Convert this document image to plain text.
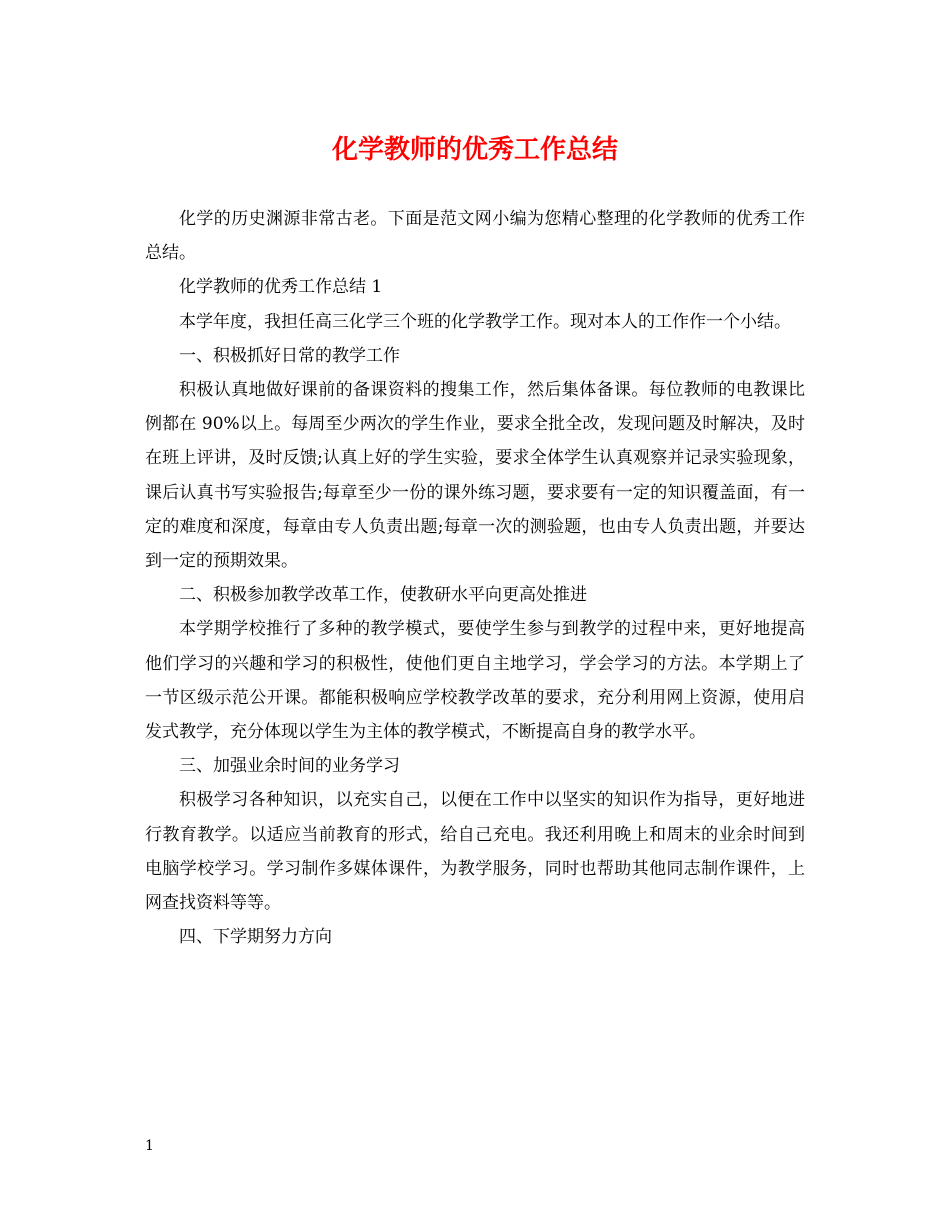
化学教师的优秀工作总结

化学的历史渊源非常古老。下面是范文网小编为您精心整理的化学教师的优秀工作总结。

化学教师的优秀工作总结 1

本学年度，我担任高三化学三个班的化学教学工作。现对本人的工作作一个小结。

一、积极抓好日常的教学工作

积极认真地做好课前的备课资料的搜集工作，然后集体备课。每位教师的电教课比例都在 90%以上。每周至少两次的学生作业，要求全批全改，发现问题及时解决，及时在班上评讲，及时反馈;认真上好的学生实验，要求全体学生认真观察并记录实验现象，课后认真书写实验报告;每章至少一份的课外练习题，要求要有一定的知识覆盖面，有一定的难度和深度，每章由专人负责出题;每章一次的测验题，也由专人负责出题，并要达到一定的预期效果。

二、积极参加教学改革工作，使教研水平向更高处推进

本学期学校推行了多种的教学模式，要使学生参与到教学的过程中来，更好地提高他们学习的兴趣和学习的积极性，使他们更自主地学习，学会学习的方法。本学期上了一节区级示范公开课。都能积极响应学校教学改革的要求，充分利用网上资源，使用启发式教学，充分体现以学生为主体的教学模式，不断提高自身的教学水平。

三、加强业余时间的业务学习

积极学习各种知识，以充实自己，以便在工作中以坚实的知识作为指导，更好地进行教育教学。以适应当前教育的形式，给自己充电。我还利用晚上和周末的业余时间到电脑学校学习。学习制作多媒体课件，为教学服务，同时也帮助其他同志制作课件，上网查找资料等等。

四、下学期努力方向

1
